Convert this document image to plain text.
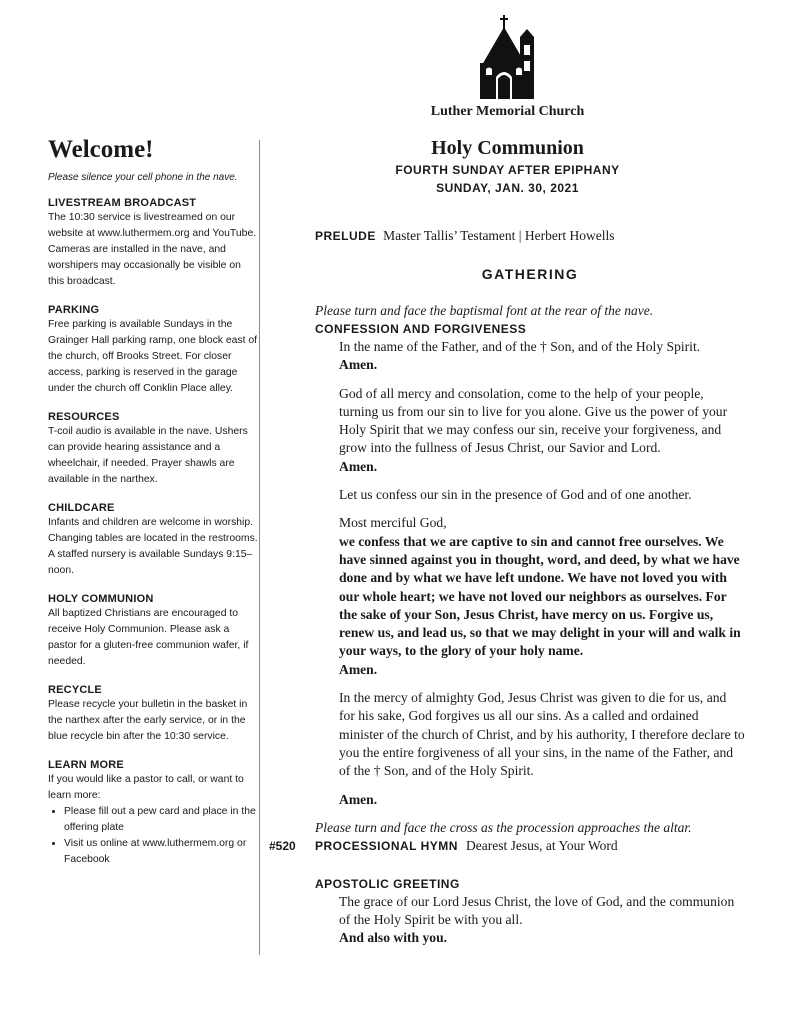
Luther Memorial Church
Holy Communion
FOURTH SUNDAY AFTER EPIPHANY
SUNDAY, JAN. 30, 2021
Welcome!

Please silence your cell phone in the nave.

LIVESTREAM BROADCAST

The 10:30 service is livestreamed on our website at www.luthermem.org and YouTube. Cameras are installed in the nave, and worshipers may occasionally be visible on this broadcast.

PARKING

Free parking is available Sundays in the Grainger Hall parking ramp, one block east of the church, off Brooks Street. For closer access, parking is reserved in the garage under the church off Conklin Place alley.

RESOURCES

T-coil audio is available in the nave. Ushers can provide hearing assistance and a wheelchair, if needed. Prayer shawls are available in the narthex.

CHILDCARE

Infants and children are welcome in worship. Changing tables are located in the restrooms. A staffed nursery is available Sundays 9:15–noon.

HOLY COMMUNION

All baptized Christians are encouraged to receive Holy Communion. Please ask a pastor for a gluten-free communion wafer, if needed.

RECYCLE

Please recycle your bulletin in the basket in the narthex after the early service, or in the blue recycle bin after the 10:30 service.

LEARN MORE

If you would like a pastor to call, or want to learn more:

• Please fill out a pew card and place in the offering plate
• Visit us online at www.luthermem.org or Facebook
PRELUDE Master Tallis’ Testament | Herbert Howells
GATHERING

Please turn and face the baptismal font at the rear of the nave.

CONFESSION AND FORGIVENESS

In the name of the Father, and of the † Son, and of the Holy Spirit.
Amen.

God of all mercy and consolation, come to the help of your people, turning us from our sin to live for you alone. Give us the power of your Holy Spirit that we may confess our sin, receive your forgiveness, and grow into the fullness of Jesus Christ, our Savior and Lord.
Amen.

Let us confess our sin in the presence of God and of one another.

Most merciful God,
we confess that we are captive to sin and cannot free ourselves. We have sinned against you in thought, word, and deed, by what we have done and by what we have left undone. We have not loved you with our whole heart; we have not loved our neighbors as ourselves. For the sake of your Son, Jesus Christ, have mercy on us. Forgive us, renew us, and lead us, so that we may delight in your will and walk in your ways, to the glory of your holy name.
Amen.

In the mercy of almighty God, Jesus Christ was given to die for us, and for his sake, God forgives us all our sins. As a called and ordained minister of the church of Christ, and by his authority, I therefore declare to you the entire forgiveness of all your sins, in the name of the Father, and of the † Son, and of the Holy Spirit.

Amen.

Please turn and face the cross as the procession approaches the altar.

#520 PROCESSIONAL HYMN Dearest Jesus, at Your Word

APOSTOLIC GREETING

The grace of our Lord Jesus Christ, the love of God, and the communion of the Holy Spirit be with you all.
And also with you.
